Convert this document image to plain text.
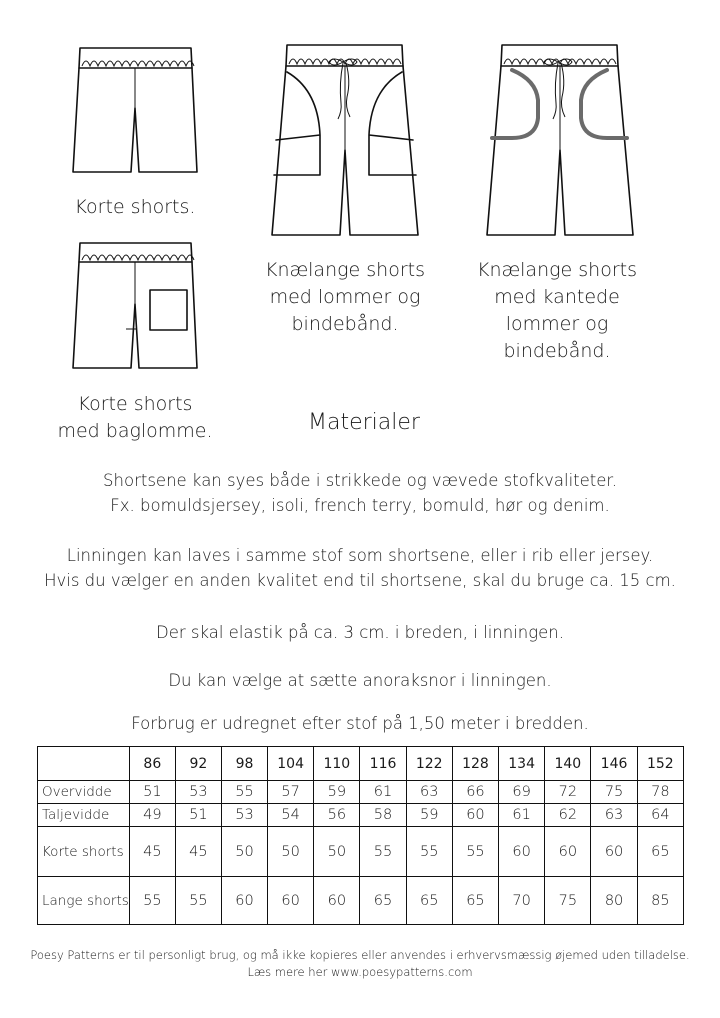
Korte shorts.
Korte shorts
med baglomme.
Knælange shorts
med lommer og
bindebånd.
Knælange shorts
med kantede
lommer og
bindebånd.
Materialer
Shortsene kan syes både i strikkede og vævede stofkvaliteter.
Fx. bomuldsjersey, isoli, french terry, bomuld, hør og denim.
Linningen kan laves i samme stof som shortsene, eller i rib eller jersey.
Hvis du vælger en anden kvalitet end til shortsene, skal du bruge ca. 15 cm.
Der skal elastik på ca. 3 cm. i breden, i linningen.
Du kan vælge at sætte anoraksnor i linningen.
Forbrug er udregnet efter stof på 1,50 meter i bredden.
	86	92	98	104	110	116	122	128	134	140	146	152
Overvidde	51	53	55	57	59	61	63	66	69	72	75	78
Taljevidde	49	51	53	54	56	58	59	60	61	62	63	64
Korte shorts	45	45	50	50	50	55	55	55	60	60	60	65
Lange shorts	55	55	60	60	60	65	65	65	70	75	80	85
Poesy Patterns er til personligt brug, og må ikke kopieres eller anvendes i erhvervsmæssig øjemed uden tilladelse.
Læs mere her www.poesypatterns.com
